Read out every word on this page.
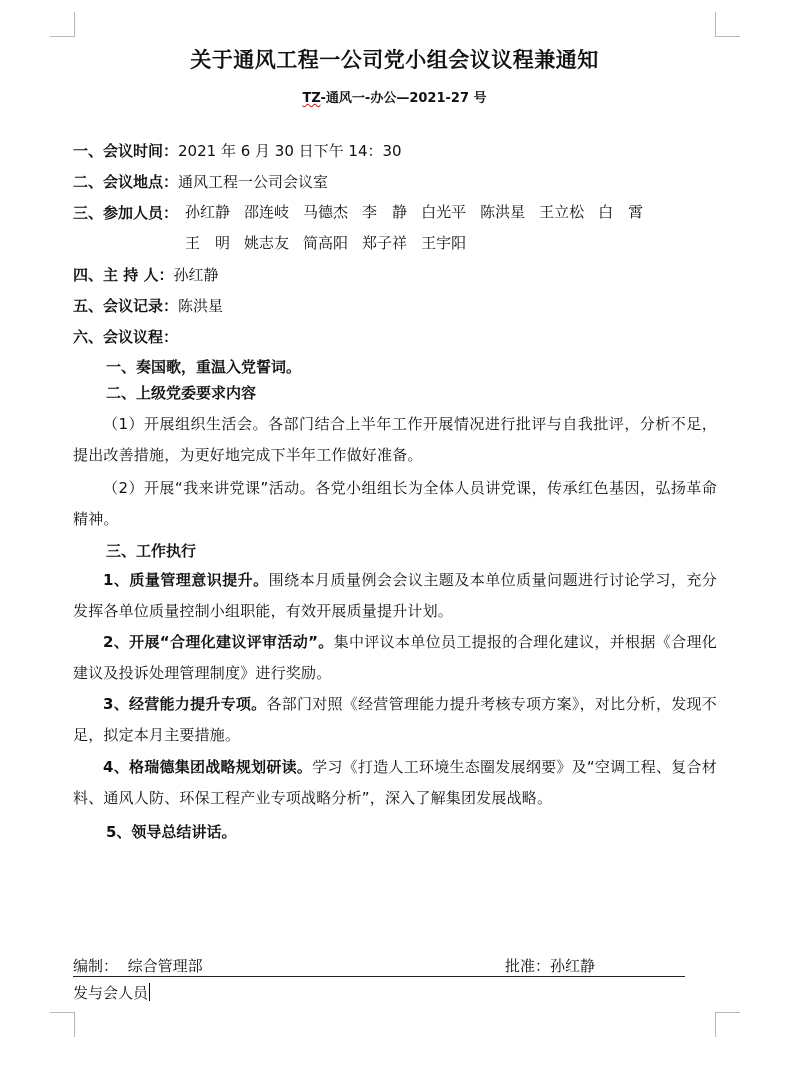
关于通风工程一公司党小组会议议程兼通知
TZ-通风一-办公—2021-27 号
一、会议时间：2021 年 6 月 30 日下午 14：30
二、会议地点：通风工程一公司会议室
三、参加人员： 孙红静 邵连岐 马德杰 李　静 白光平 陈洪星 王立松 白　霄
王　明 姚志友 简高阳 郑子祥 王宇阳
四、主 持 人：孙红静
五、会议记录：陈洪星
六、会议议程：
一、奏国歌，重温入党誓词。
二、上级党委要求内容
（1）开展组织生活会。各部门结合上半年工作开展情况进行批评与自我批评，分析不足，提出改善措施，为更好地完成下半年工作做好准备。
（2）开展“我来讲党课”活动。各党小组组长为全体人员讲党课，传承红色基因，弘扬革命精神。
三、工作执行
1、质量管理意识提升。围绕本月质量例会会议主题及本单位质量问题进行讨论学习，充分发挥各单位质量控制小组职能，有效开展质量提升计划。
2、开展“合理化建议评审活动”。集中评议本单位员工提报的合理化建议，并根据《合理化建议及投诉处理管理制度》进行奖励。
3、经营能力提升专项。各部门对照《经营管理能力提升考核专项方案》，对比分析，发现不足，拟定本月主要措施。
4、格瑞德集团战略规划研读。学习《打造人工环境生态圈发展纲要》及“空调工程、复合材料、通风人防、环保工程产业专项战略分析”，深入了解集团发展战略。
5、领导总结讲话。
编制： 综合管理部	批准：孙红静
发与会人员
